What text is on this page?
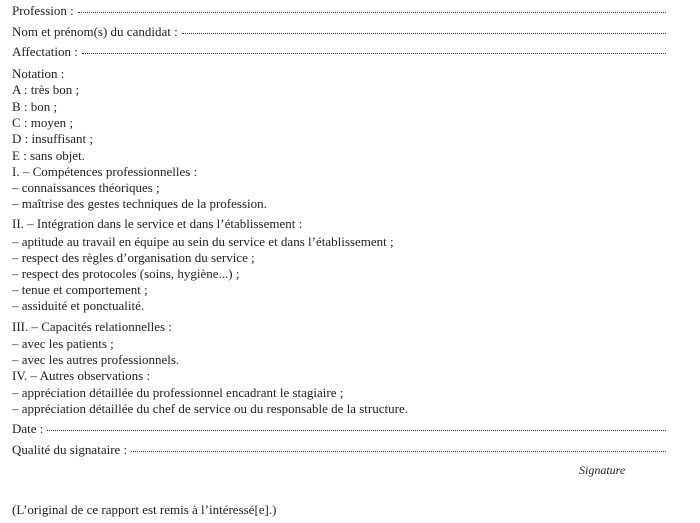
Profession :
Nom et prénom(s) du candidat :
Affectation :
Notation :
A : très bon ;
B : bon ;
C : moyen ;
D : insuffisant ;
E : sans objet.
I. – Compétences professionnelles :
– connaissances théoriques ;
– maîtrise des gestes techniques de la profession.
II. – Intégration dans le service et dans l’établissement :
– aptitude au travail en équipe au sein du service et dans l’établissement ;
– respect des règles d’organisation du service ;
– respect des protocoles (soins, hygiène...) ;
– tenue et comportement ;
– assiduité et ponctualité.
III. – Capacités relationnelles :
– avec les patients ;
– avec les autres professionnels.
IV. – Autres observations :
– appréciation détaillée du professionnel encadrant le stagiaire ;
– appréciation détaillée du chef de service ou du responsable de la structure.
Date :
Qualité du signataire :
Signature
(L’original de ce rapport est remis à l’intéressé[e].)
